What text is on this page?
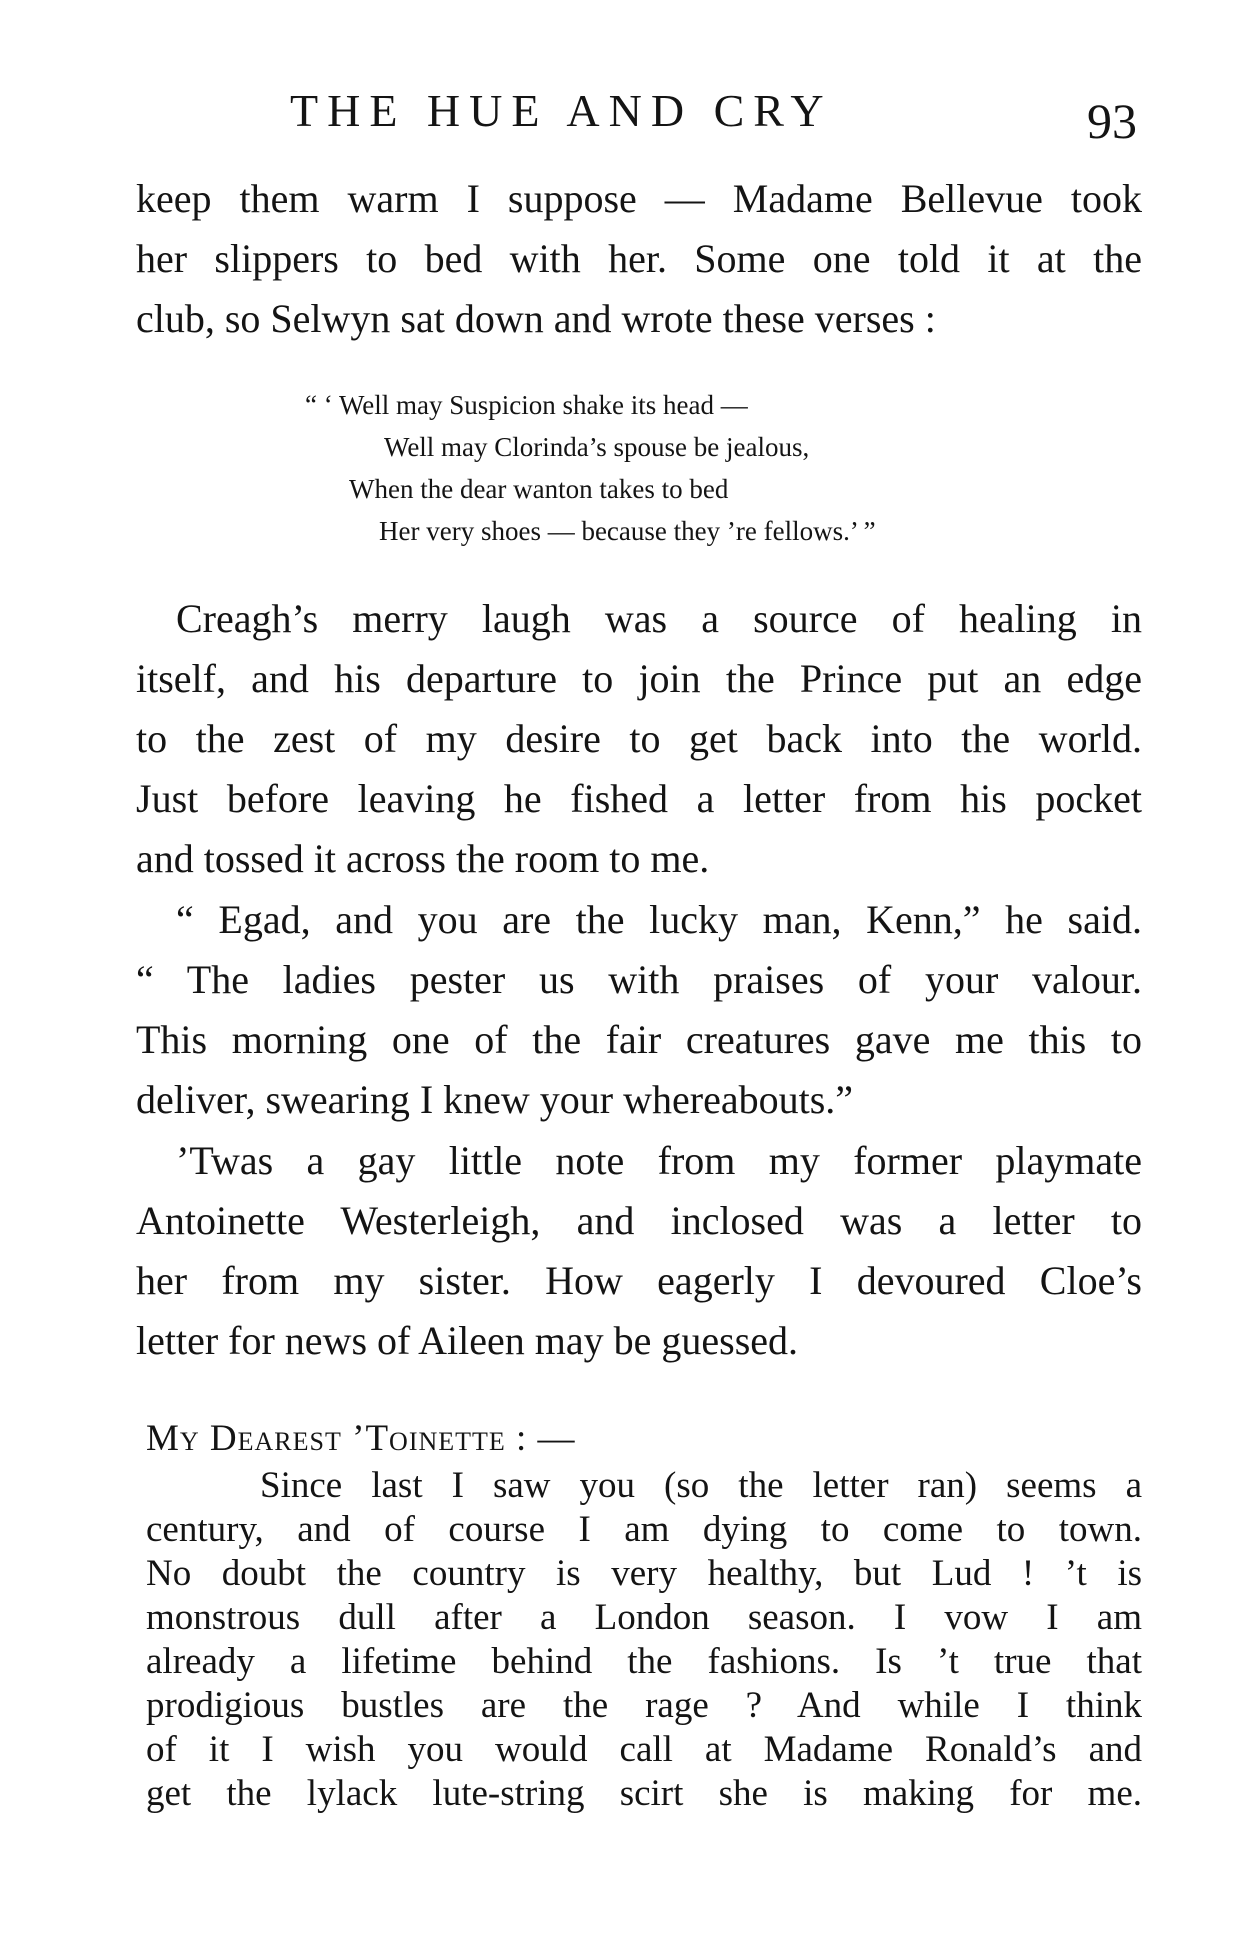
THE HUE AND CRY	93
keep them warm I suppose — Madame Bellevue took
her slippers to bed with her. Some one told it at the
club, so Selwyn sat down and wrote these verses :
“ ‘ Well may Suspicion shake its head —
Well may Clorinda’s spouse be jealous,
When the dear wanton takes to bed
Her very shoes — because they ’re fellows.’ ”
Creagh’s merry laugh was a source of healing in
itself, and his departure to join the Prince put an edge
to the zest of my desire to get back into the world.
Just before leaving he fished a letter from his pocket
and tossed it across the room to me.
“ Egad, and you are the lucky man, Kenn,” he said.
“ The ladies pester us with praises of your valour.
This morning one of the fair creatures gave me this to
deliver, swearing I knew your whereabouts.”
’Twas a gay little note from my former playmate
Antoinette Westerleigh, and inclosed was a letter to
her from my sister. How eagerly I devoured Cloe’s
letter for news of Aileen may be guessed.
My Dearest ’Toinette : —
Since last I saw you (so the letter ran) seems a
century, and of course I am dying to come to town.
No doubt the country is very healthy, but Lud ! ’t is
monstrous dull after a London season. I vow I am
already a lifetime behind the fashions. Is ’t true that
prodigious bustles are the rage ? And while I think
of it I wish you would call at Madame Ronald’s and
get the lylack lute-string scirt she is making for me.
